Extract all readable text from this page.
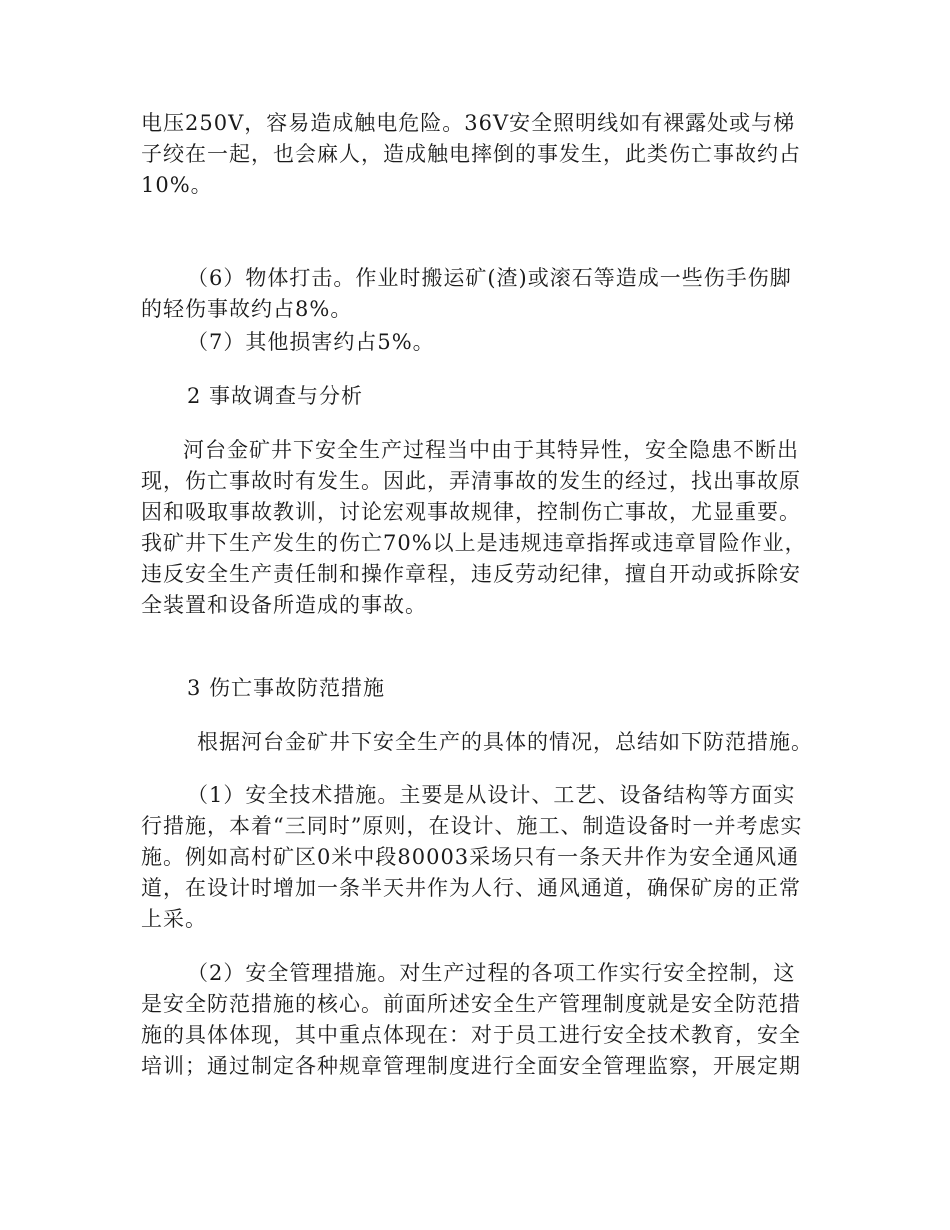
电压250V，容易造成触电危险。36V安全照明线如有裸露处或与梯子绞在一起，也会麻人，造成触电摔倒的事发生，此类伤亡事故约占10%。

（6）物体打击。作业时搬运矿(渣)或滚石等造成一些伤手伤脚的轻伤事故约占8%。

（7）其他损害约占5%。

2 事故调查与分析

河台金矿井下安全生产过程当中由于其特异性，安全隐患不断出现，伤亡事故时有发生。因此，弄清事故的发生的经过，找出事故原因和吸取事故教训，讨论宏观事故规律，控制伤亡事故，尤显重要。我矿井下生产发生的伤亡70%以上是违规违章指挥或违章冒险作业，违反安全生产责任制和操作章程，违反劳动纪律，擅自开动或拆除安全装置和设备所造成的事故。

3 伤亡事故防范措施

根据河台金矿井下安全生产的具体的情况，总结如下防范措施。

（1）安全技术措施。主要是从设计、工艺、设备结构等方面实行措施，本着“三同时”原则，在设计、施工、制造设备时一并考虑实施。例如高村矿区0米中段80003采场只有一条天井作为安全通风通道，在设计时增加一条半天井作为人行、通风通道，确保矿房的正常上采。

（2）安全管理措施。对生产过程的各项工作实行安全控制，这是安全防范措施的核心。前面所述安全生产管理制度就是安全防范措施的具体体现，其中重点体现在：对于员工进行安全技术教育，安全培训；通过制定各种规章管理制度进行全面安全管理监察，开展定期
